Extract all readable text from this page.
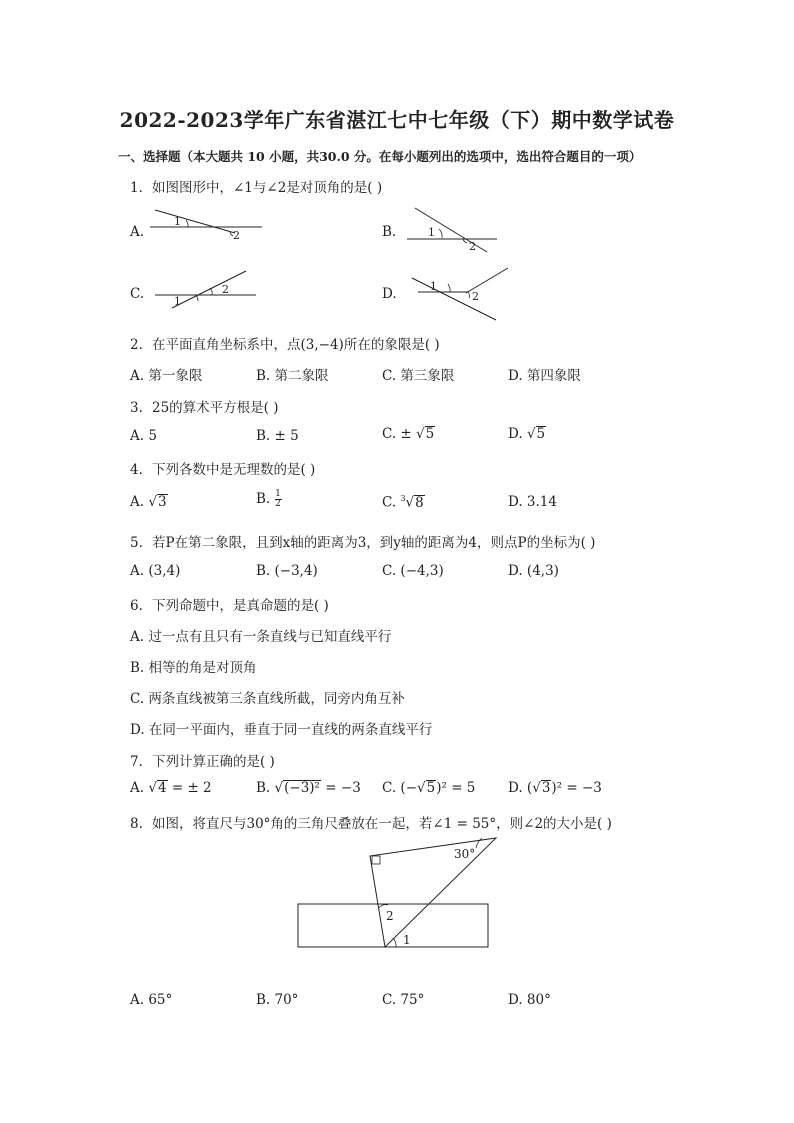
2022-2023学年广东省湛江七中七年级（下）期中数学试卷
一、选择题（本大题共 10 小题，共30.0 分。在每小题列出的选项中，选出符合题目的一项）
1. 如图图形中，∠1与∠2是对顶角的是( )
A.
1
2	B.	1
2
C.	1
2	D.	1
2
2. 在平面直角坐标系中，点(3,−4)所在的象限是( )
A. 第一象限	B. 第二象限	C. 第三象限	D. 第四象限
3. 25的算术平方根是( )
A. 5	B. ± 5	C. ± √5	D. √5
4. 下列各数中是无理数的是( )
A. √3	B. $\frac{1}{2}$	C. $^3$√8	D. 3.14
5. 若P在第二象限，且到x轴的距离为3，到y轴的距离为4，则点P的坐标为( )
A. (3,4)	B. (−3,4)	C. (−4,3)	D. (4,3)
6. 下列命题中，是真命题的是( )
A. 过一点有且只有一条直线与已知直线平行
B. 相等的角是对顶角
C. 两条直线被第三条直线所截，同旁内角互补
D. 在同一平面内，垂直于同一直线的两条直线平行
7. 下列计算正确的是( )
A. √4 = ± 2	B. √(−3)² = −3 C. (−√5)² = 5 D. (√3)² = −3
8. 如图，将直尺与30°角的三角尺叠放在一起，若∠1 = 55°，则∠2的大小是( )
30°
2
1
A. 65°	B. 70°	C. 75°	D. 80°
